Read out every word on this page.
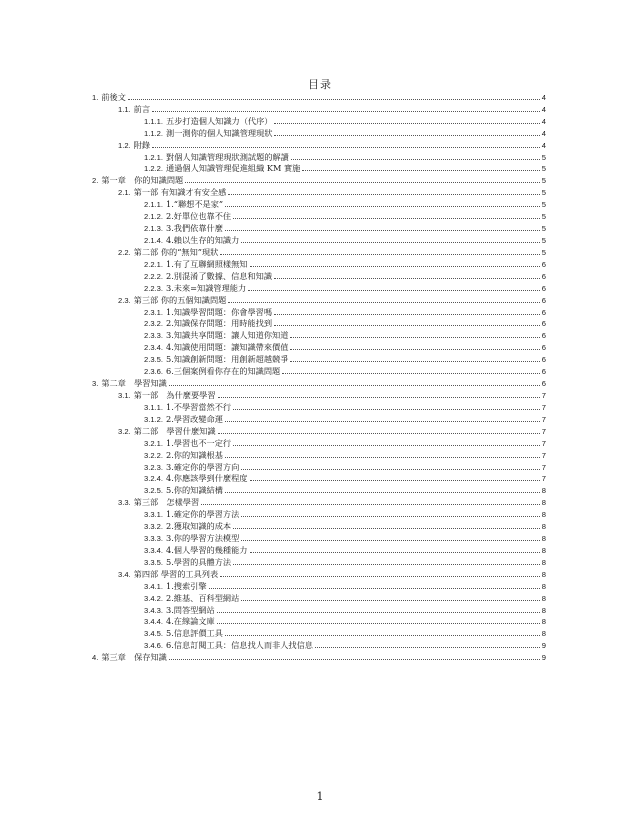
目录
1. 前後文	4
1.1. 前言	4
1.1.1. 五步打造個人知識力（代序）	4
1.1.2. 測一測你的個人知識管理現狀	4
1.2. 附錄	4
1.2.1. 對個人知識管理現狀測試題的解讀	5
1.2.2. 通過個人知識管理促進組織 KM 實施	5
2. 第一章　你的知識問題	5
2.1. 第一部 有知識才有安全感	5
2.1.1. 1.“聯想不是家”	5
2.1.2. 2.好單位也靠不住	5
2.1.3. 3.我們依靠什麼	5
2.1.4. 4.賴以生存的知識力	5
2.2. 第二部 你的“無知”現狀	5
2.2.1. 1.有了互聯網照樣無知	6
2.2.2. 2.別混淆了數據、信息和知識	6
2.2.3. 3.未來=知識管理能力	6
2.3. 第三部 你的五個知識問題	6
2.3.1. 1.知識學習問題：你會學習嗎	6
2.3.2. 2.知識保存問題：用時能找到	6
2.3.3. 3.知識共享問題：讓人知道你知道	6
2.3.4. 4.知識使用問題：讓知識帶來價值	6
2.3.5. 5.知識創新問題：用創新超越競爭	6
2.3.6. 6.三個案例看你存在的知識問題	6
3. 第二章　學習知識	6
3.1. 第一部　為什麼要學習	7
3.1.1. 1.不學習當然不行	7
3.1.2. 2.學習改變命運	7
3.2. 第二部　學習什麼知識	7
3.2.1. 1.學習也不一定行	7
3.2.2. 2.你的知識根基	7
3.2.3. 3.確定你的學習方向	7
3.2.4. 4.你應該學到什麼程度	7
3.2.5. 5.你的知識結構	8
3.3. 第三部　怎樣學習	8
3.3.1. 1.確定你的學習方法	8
3.3.2. 2.獲取知識的成本	8
3.3.3. 3.你的學習方法模型	8
3.3.4. 4.個人學習的幾種能力	8
3.3.5. 5.學習的具體方法	8
3.4. 第四部 學習的工具列表	8
3.4.1. 1.搜索引擎	8
3.4.2. 2.維基、百科型網站	8
3.4.3. 3.問答型網站	8
3.4.4. 4.在線論文庫	8
3.4.5. 5.信息評價工具	8
3.4.6. 6.信息訂閱工具：信息找人而非人找信息	9
4. 第三章　保存知識	9
1
